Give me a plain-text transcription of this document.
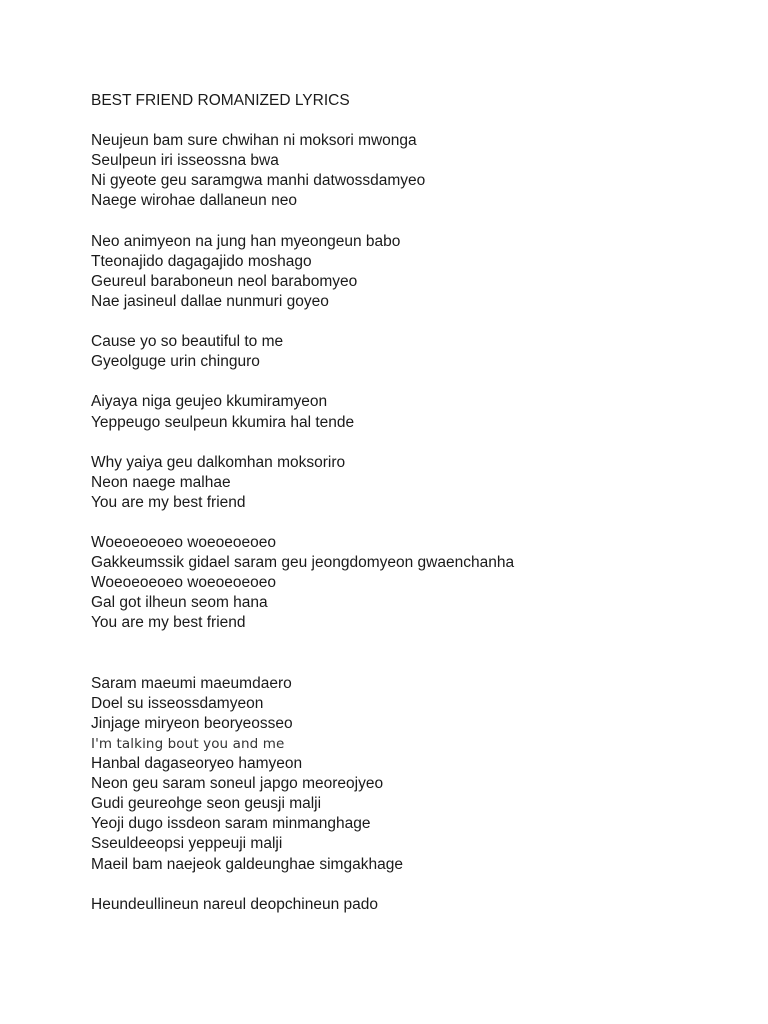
BEST FRIEND ROMANIZED LYRICS
Neujeun bam sure chwihan ni moksori mwonga
Seulpeun iri isseossna bwa
Ni gyeote geu saramgwa manhi datwossdamyeo
Naege wirohae dallaneun neo
Neo animyeon na jung han myeongeun babo
Tteonajido dagagajido moshago
Geureul baraboneun neol barabomyeo
Nae jasineul dallae nunmuri goyeo
Cause yo so beautiful to me
Gyeolguge urin chinguro
Aiyaya niga geujeo kkumiramyeon
Yeppeugo seulpeun kkumira hal tende
Why yaiya geu dalkomhan moksoriro
Neon naege malhae
You are my best friend
Woeoeoeoeo woeoeoeoeo
Gakkeumssik gidael saram geu jeongdomyeon gwaenchanha
Woeoeoeoeo woeoeoeoeo
Gal got ilheun seom hana
You are my best friend
Saram maeumi maeumdaero
Doel su isseossdamyeon
Jinjage miryeon beoryeosseo
I'm talking bout you and me
Hanbal dagaseoryeo hamyeon
Neon geu saram soneul japgo meoreojyeo
Gudi geureohge seon geusji malji
Yeoji dugo issdeon saram minmanghage
Sseuldeeopsi yeppeuji malji
Maeil bam naejeok galdeunghae simgakhage
Heundeullineun nareul deopchineun pado
